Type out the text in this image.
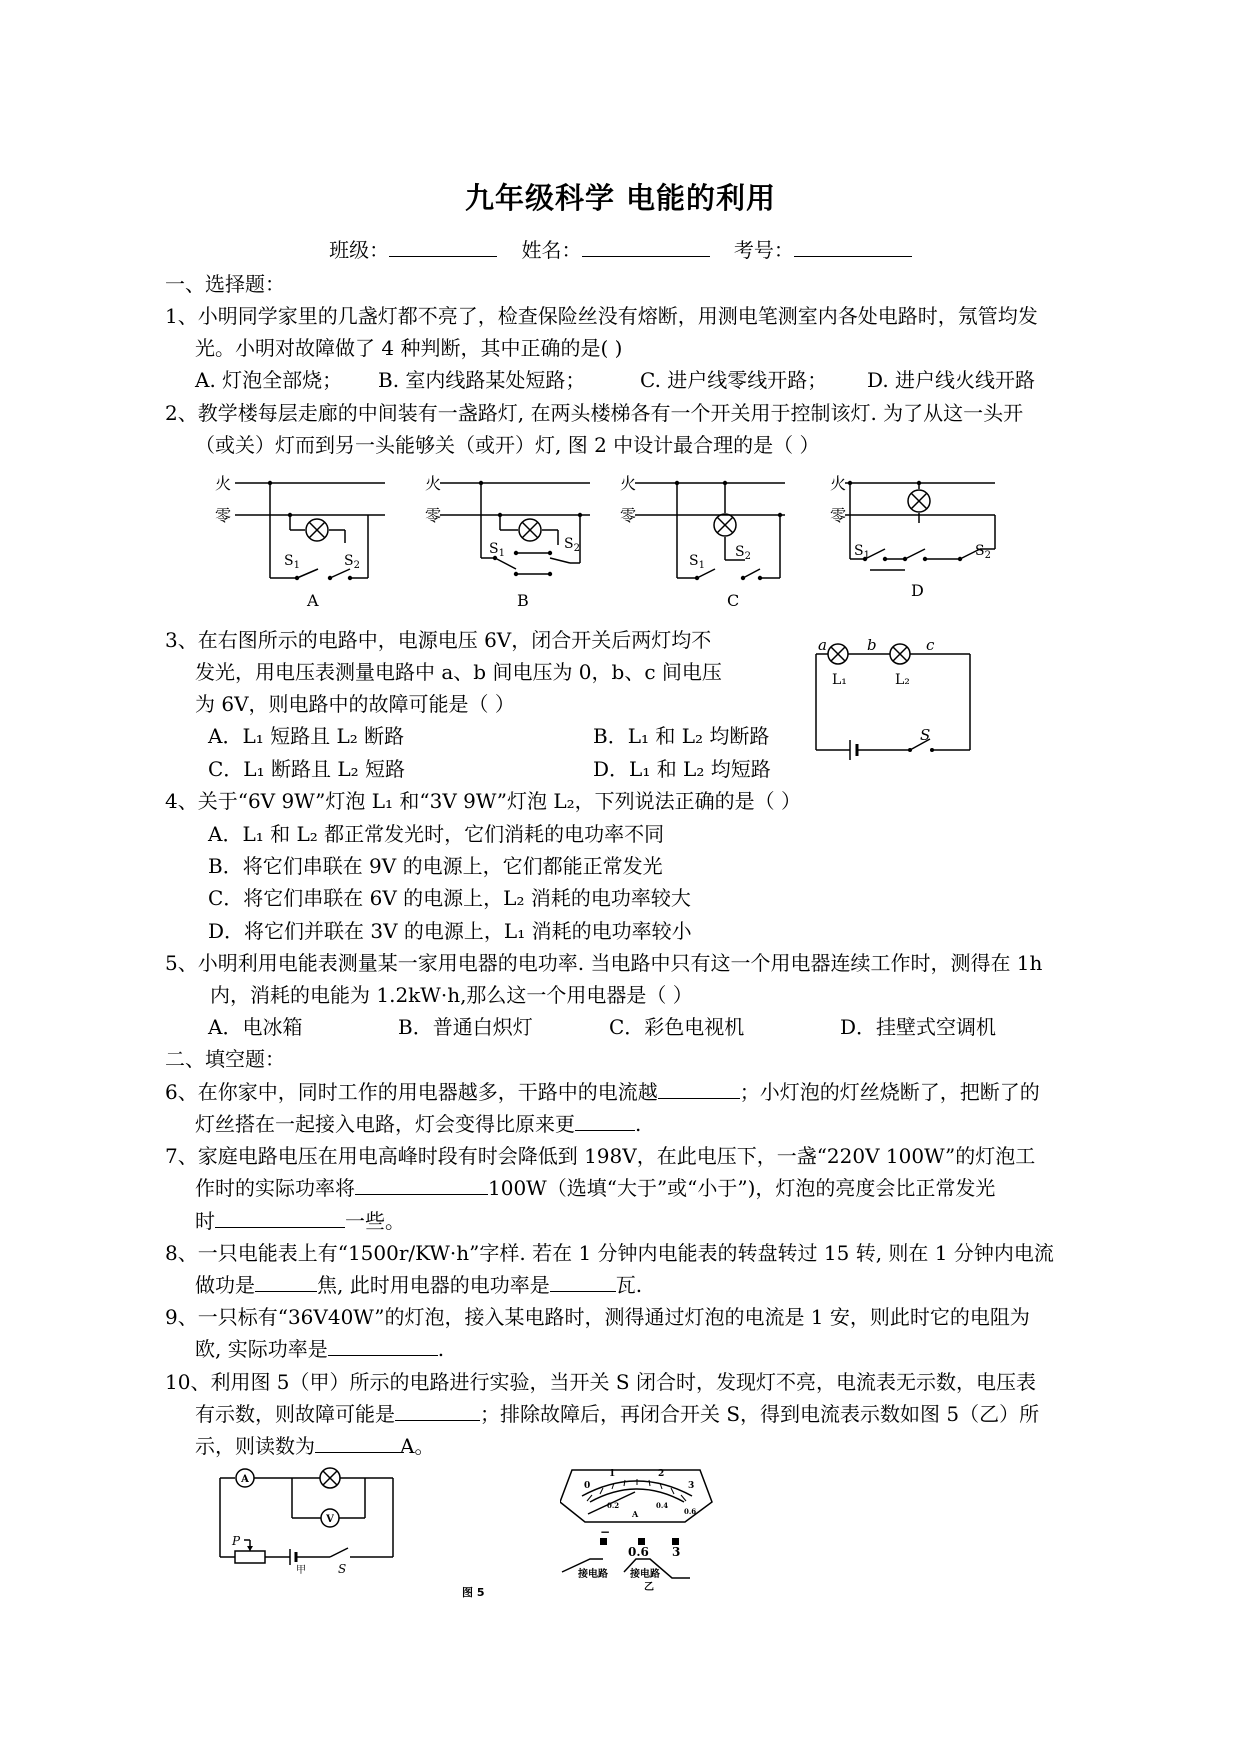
九年级科学 电能的利用
班级：	姓名：	考号：
一、选择题：
1、小明同学家里的几盏灯都不亮了，检查保险丝没有熔断，用测电笔测室内各处电路时，氖管均发
光。小明对故障做了 4 种判断，其中正确的是( )
A. 灯泡全部烧； B. 室内线路某处短路；	C. 进户线零线开路； D. 进户线火线开路
2、教学楼每层走廊的中间装有一盏路灯, 在两头楼梯各有一个开关用于控制该灯. 为了从这一头开
（或关）灯而到另一头能够关（或开）灯, 图 2 中设计最合理的是（ ）
火
零
火
零
火
零
火
零
A	B	C
D
$S_1$	$S_2$
$S_1$
$S_2$
$S_1$
$S_2$	$S_1$	$S_2$
3、在右图所示的电路中，电源电压 6V，闭合开关后两灯均不
发光，用电压表测量电路中 a、b 间电压为 0，b、c 间电压
为 6V，则电路中的故障可能是（ ）
A．L₁ 短路且 L₂ 断路	B．L₁ 和 L₂ 均断路
C．L₁ 断路且 L₂ 短路	D．L₁ 和 L₂ 均短路
a	b	c
S
L₁	L₂
4、关于“6V 9W”灯泡 L₁ 和“3V 9W”灯泡 L₂，下列说法正确的是（ ）
A．L₁ 和 L₂ 都正常发光时，它们消耗的电功率不同
B．将它们串联在 9V 的电源上，它们都能正常发光
C．将它们串联在 6V 的电源上，L₂ 消耗的电功率较大
D．将它们并联在 3V 的电源上，L₁ 消耗的电功率较小
5、小明利用电能表测量某一家用电器的电功率. 当电路中只有这一个用电器连续工作时，测得在 1h
内，消耗的电能为 1.2kW·h,那么这一个用电器是（ ）
A．电冰箱	B．普通白炽灯	C．彩色电视机	D．挂壁式空调机
二、填空题：
6、在你家中，同时工作的用电器越多，干路中的电流越	；小灯泡的灯丝烧断了，把断了的
灯丝搭在一起接入电路，灯会变得比原来更	.
7、家庭电路电压在用电高峰时段有时会降低到 198V，在此电压下，一盏“220V 100W”的灯泡工
作时的实际功率将	100W（选填“大于”或“小于”)，灯泡的亮度会比正常发光
时	一些。
8、一只电能表上有“1500r/KW·h”字样. 若在 1 分钟内电能表的转盘转过 15 转, 则在 1 分钟内电流
做功是	焦, 此时用电器的电功率是	瓦.
9、一只标有“36V40W”的灯泡，接入某电路时，测得通过灯泡的电流是 1 安，则此时它的电阻为
欧, 实际功率是	.
10、利用图 5（甲）所示的电路进行实验，当开关 S 闭合时，发现灯不亮，电流表无示数，电压表
有示数，则故障可能是	；排除故障后，再闭合开关 S，得到电流表示数如图 5（乙）所
示，则读数为	A。
A
V
P
S
甲
0
1	2
3
0.2	0.4
0.6
A
−
0.6 3
接电路 接电路
乙
图 5
